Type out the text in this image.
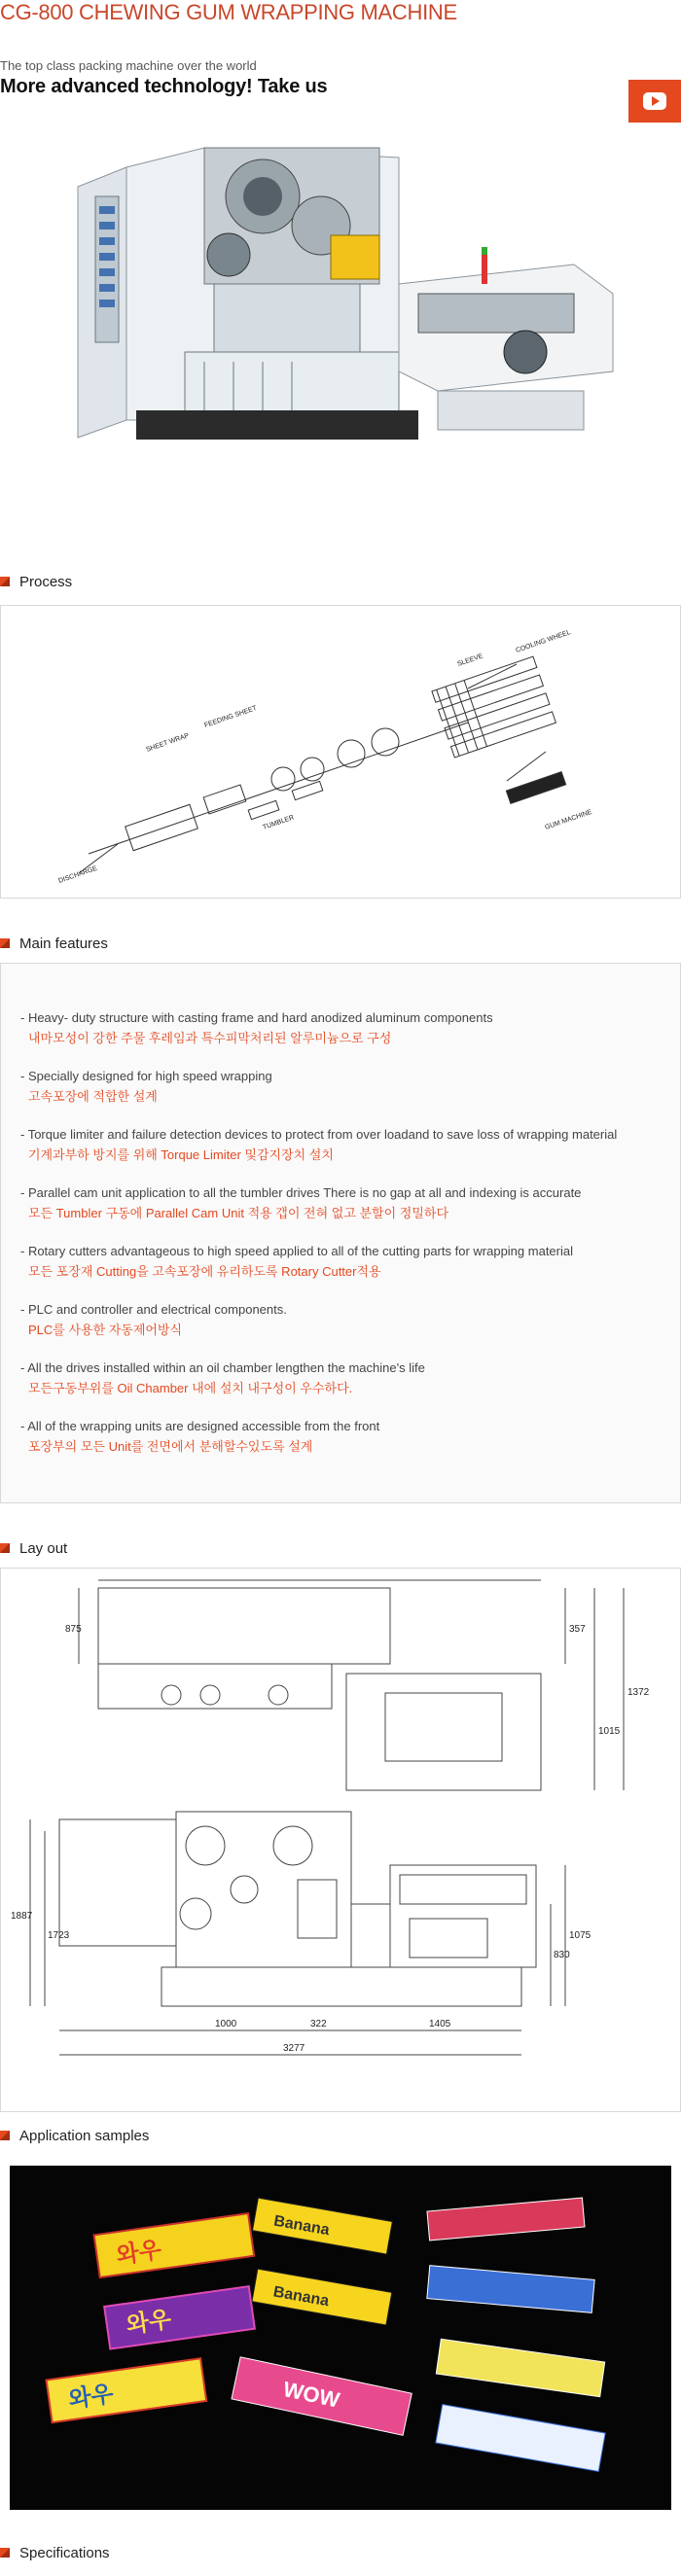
CG-800 CHEWING GUM WRAPPING MACHINE
The top class packing machine over the world
More advanced technology! Take us
Process
DISCHARGE
SHEET WRAP
FEEDING SHEET
TUMBLER
SLEEVE
COOLING WHEEL
GUM MACHINE
Main features
- Heavy- duty structure with casting frame and hard anodized aluminum components
내마모성이 강한 주물 후레임과 특수피막처리된 알루미늄으로 구성
- Specially designed for high speed wrapping
고속포장에 적합한 설계
- Torque limiter and failure detection devices to protect from over loadand to save loss of wrapping material
기계과부하 방지를 위해 Torque Limiter 및감지장치 설치
- Parallel cam unit application to all the tumbler drives There is no gap at all and indexing is accurate
모든 Tumbler 구동에 Parallel Cam Unit 적용 갭이 전혀 없고 분할이 정밀하다
- Rotary cutters advantageous to high speed applied to all of the cutting parts for wrapping material
모든 포장재 Cutting을 고속포장에 유리하도록 Rotary Cutter적용
- PLC and controller and electrical components.
PLC를 사용한 자동제어방식
- All the drives installed within an oil chamber lengthen the machine's life
모든구동부위를 Oil Chamber 내에 설치 내구성이 우수하다.
- All of the wrapping units are designed accessible from the front
포장부의 모든 Unit를 전면에서 분해할수있도록 설계
Lay out
875	357
1015
1372
1887
1723
830
1075
1000	322	1405
3277
Application samples
와우
와우
와우
Banana
Banana
WOW
Specifications
